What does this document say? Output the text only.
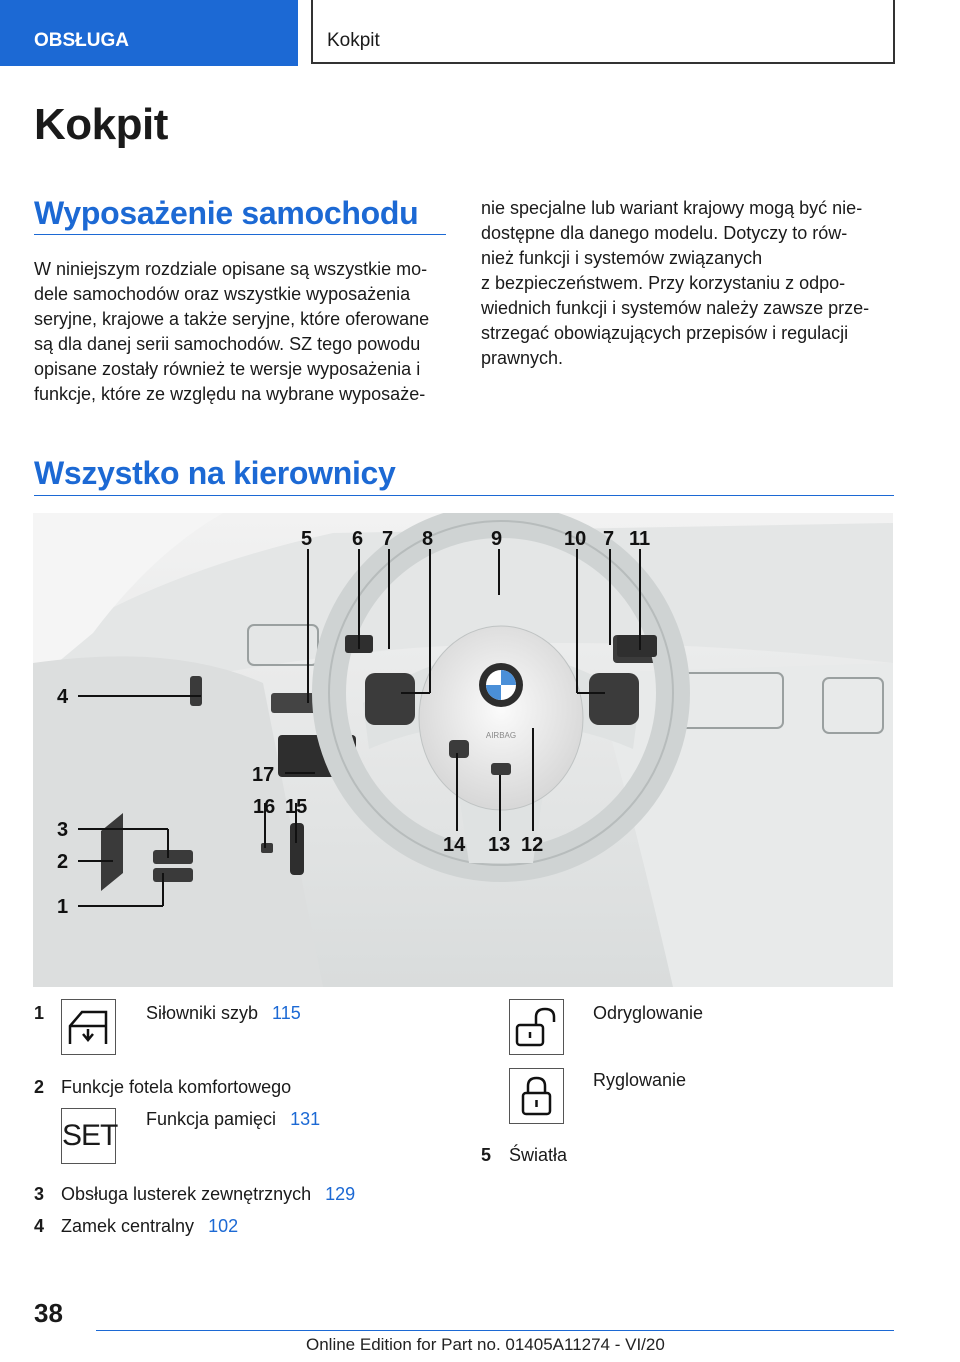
OBSŁUGA	Kokpit
Kokpit
Wyposażenie samochodu
W niniejszym rozdziale opisane są wszystkie mo‐
dele samochodów oraz wszystkie wyposażenia
seryjne, krajowe a także seryjne, które oferowane
są dla danej serii samochodów. SZ tego powodu
opisane zostały również te wersje wyposażenia i
funkcje, które ze względu na wybrane wyposaże‐
nie specjalne lub wariant krajowy mogą być nie‐
dostępne dla danego modelu. Dotyczy to rów‐
nież funkcji i systemów związanych
z bezpieczeństwem. Przy korzystaniu z odpo‐
wiednich funkcji i systemów należy zawsze prze‐
strzegać obowiązujących przepisów i regulacji
prawnych.
Wszystko na kierownicy
AIRBAG
1
2
3
4
5 6 7 8	9	10 7 11
12
13
14
15
16
17
1	Siłowniki szyb 115
2 Funkcje fotela komfortowego
SET Funkcja pamięci 131
3 Obsługa lusterek zewnętrznych 129
4 Zamek centralny 102
Odryglowanie
Ryglowanie
5 Światła
38
Online Edition for Part no. 01405A11274 - VI/20
